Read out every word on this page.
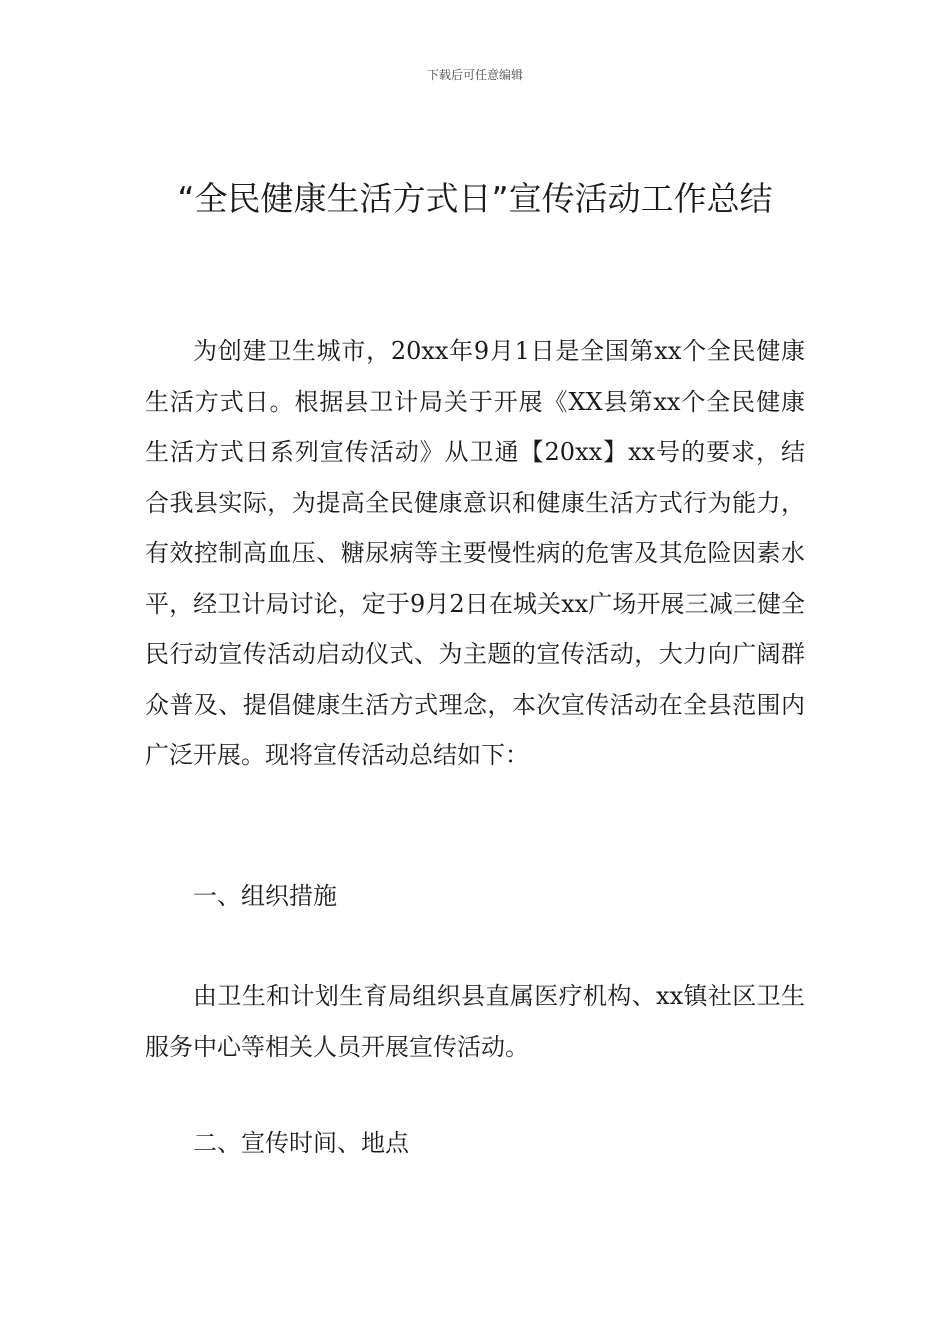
下载后可任意编辑
“全民健康生活方式日”宣传活动工作总结

为创建卫生城市，20xx年9月1日是全国第xx个全民健康生活方式日。根据县卫计局关于开展《XX县第xx个全民健康生活方式日系列宣传活动》从卫通【20xx】xx号的要求，结合我县实际，为提高全民健康意识和健康生活方式行为能力，有效控制高血压、糖尿病等主要慢性病的危害及其危险因素水平，经卫计局讨论，定于9月2日在城关xx广场开展三减三健全民行动宣传活动启动仪式、为主题的宣传活动，大力向广阔群众普及、提倡健康生活方式理念，本次宣传活动在全县范围内广泛开展。现将宣传活动总结如下：

一、组织措施

由卫生和计划生育局组织县直属医疗机构、xx镇社区卫生服务中心等相关人员开展宣传活动。

二、宣传时间、地点
